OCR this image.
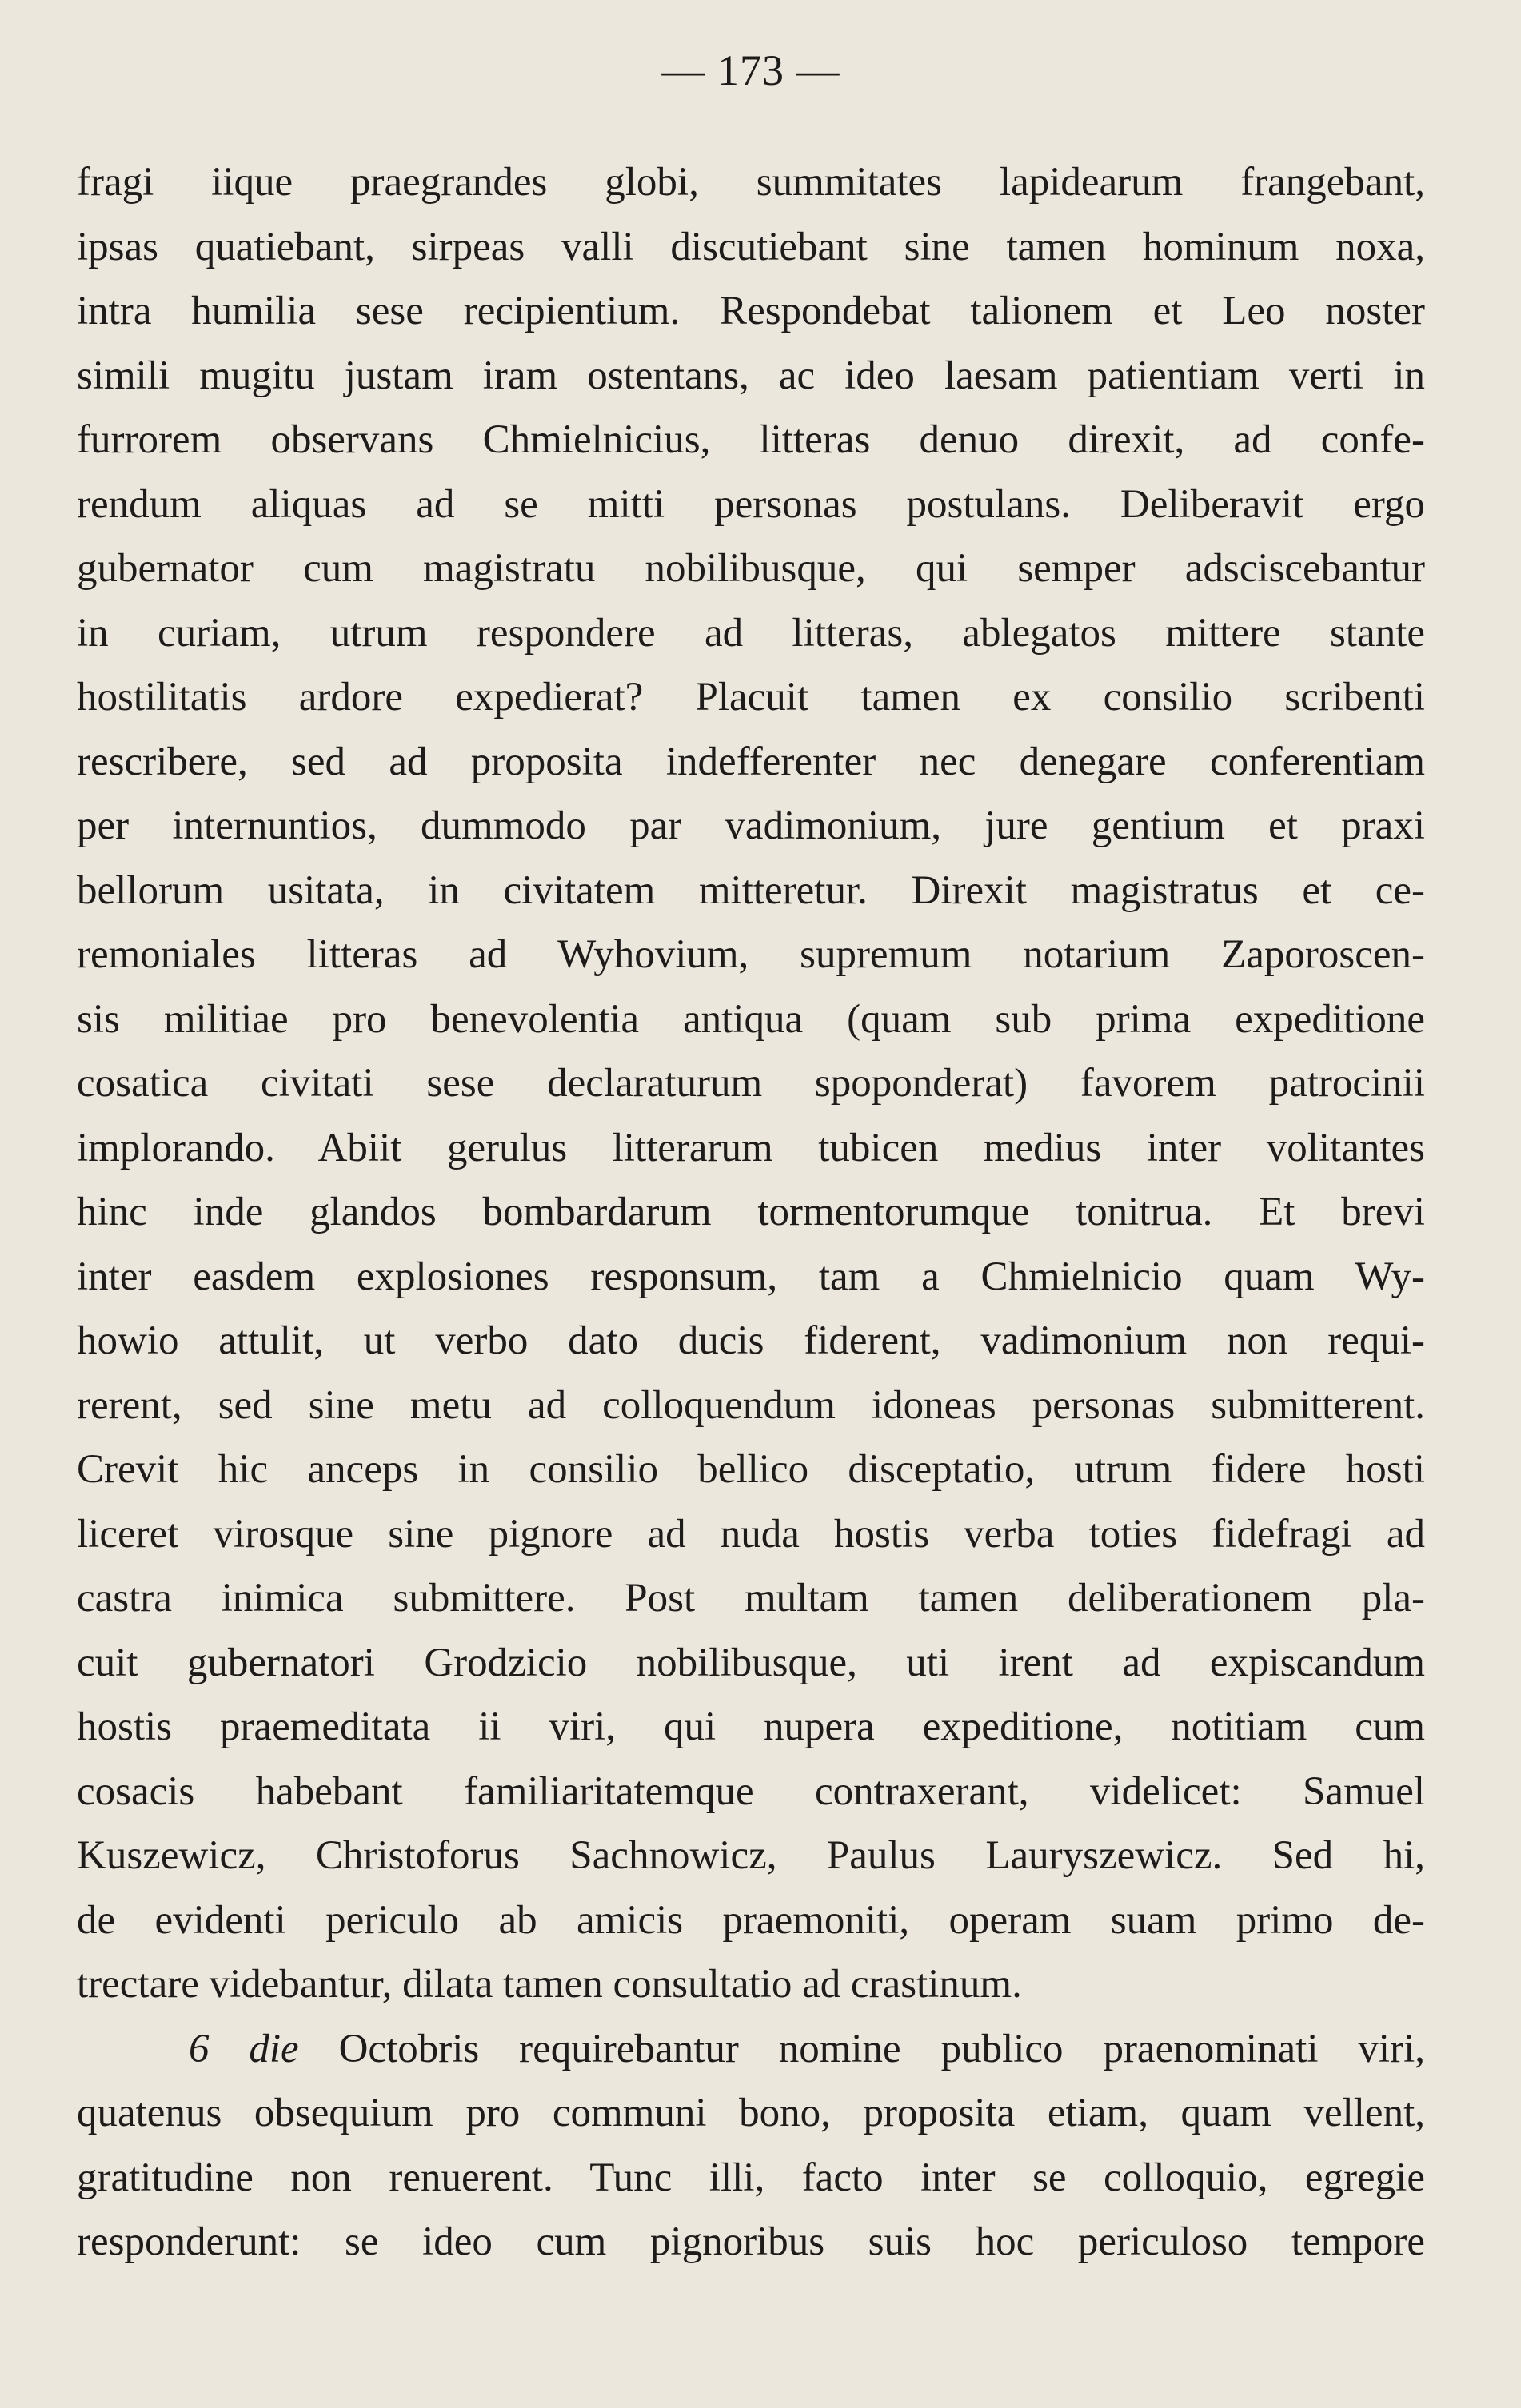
— 173 —
fragi iique praegrandes globi, summitates lapidearum frangebant,
ipsas quatiebant, sirpeas valli discutiebant sine tamen hominum noxa,
intra humilia sese recipientium. Respondebat talionem et Leo noster
simili mugitu justam iram ostentans, ac ideo laesam patientiam verti in
furrorem observans Chmielnicius, litteras denuo direxit, ad confe-
rendum aliquas ad se mitti personas postulans. Deliberavit ergo
gubernator cum magistratu nobilibusque, qui semper adsciscebantur
in curiam, utrum respondere ad litteras, ablegatos mittere stante
hostilitatis ardore expedierat? Placuit tamen ex consilio scribenti
rescribere, sed ad proposita indefferenter nec denegare conferentiam
per internuntios, dummodo par vadimonium, jure gentium et praxi
bellorum usitata, in civitatem mitteretur. Direxit magistratus et ce-
remoniales litteras ad Wyhovium, supremum notarium Zaporoscen-
sis militiae pro benevolentia antiqua (quam sub prima expeditione
cosatica civitati sese declaraturum spoponderat) favorem patrocinii
implorando. Abiit gerulus litterarum tubicen medius inter volitantes
hinc inde glandos bombardarum tormentorumque tonitrua. Et brevi
inter easdem explosiones responsum, tam a Chmielnicio quam Wy-
howio attulit, ut verbo dato ducis fiderent, vadimonium non requi-
rerent, sed sine metu ad colloquendum idoneas personas submitterent.
Crevit hic anceps in consilio bellico disceptatio, utrum fidere hosti
liceret virosque sine pignore ad nuda hostis verba toties fidefragi ad
castra inimica submittere. Post multam tamen deliberationem pla-
cuit gubernatori Grodzicio nobilibusque, uti irent ad expiscandum
hostis praemeditata ii viri, qui nupera expeditione, notitiam cum
cosacis habebant familiaritatemque contraxerant, videlicet: Samuel
Kuszewicz, Christoforus Sachnowicz, Paulus Lauryszewicz. Sed hi,
de evidenti periculo ab amicis praemoniti, operam suam primo de-
trectare videbantur, dilata tamen consultatio ad crastinum.
6 die Octobris requirebantur nomine publico praenominati viri,
quatenus obsequium pro communi bono, proposita etiam, quam vellent,
gratitudine non renuerent. Tunc illi, facto inter se colloquio, egregie
responderunt: se ideo cum pignoribus suis hoc periculoso tempore
